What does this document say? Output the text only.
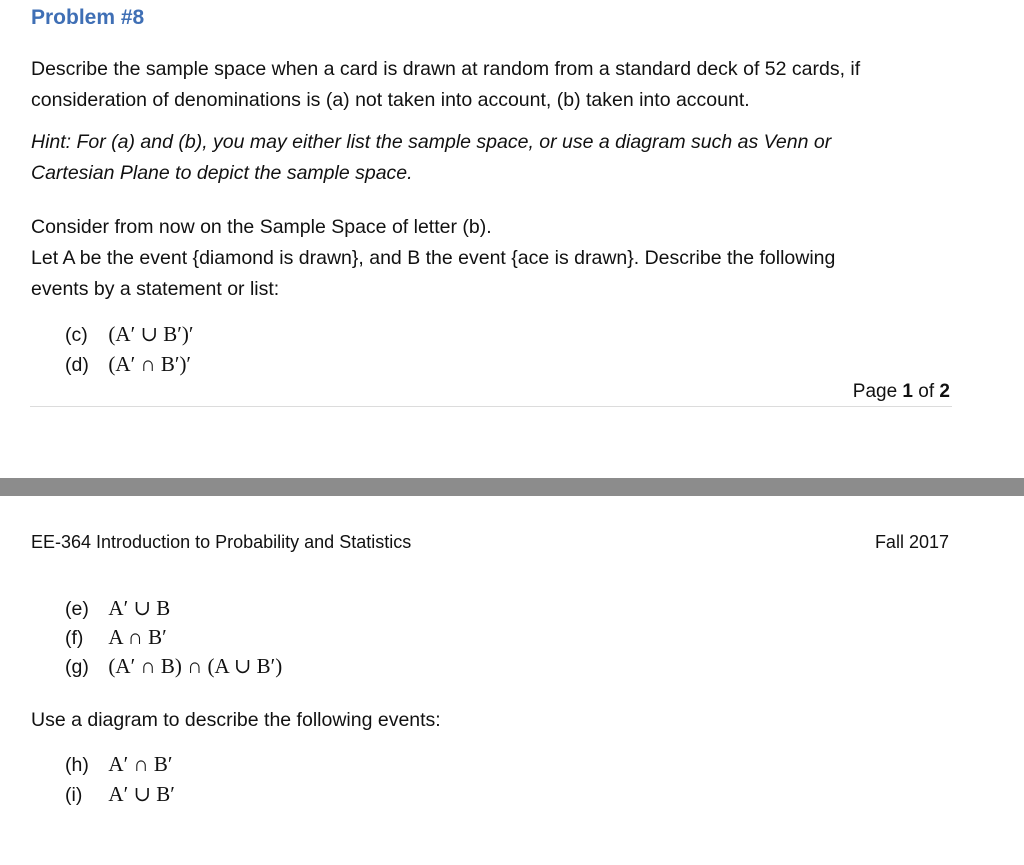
Problem #8

Describe the sample space when a card is drawn at random from a standard deck of 52 cards, if
consideration of denominations is (a) not taken into account, (b) taken into account.

Hint: For (a) and (b), you may either list the sample space, or use a diagram such as Venn or
Cartesian Plane to depict the sample space.

Consider from now on the Sample Space of letter (b).
Let A be the event {diamond is drawn}, and B the event {ace is drawn}. Describe the following
events by a statement or list:

(c) (A′ ∪ B′)′
(d) (A′ ∩ B′)′
Page 1 of 2
EE-364 Introduction to Probability and Statistics	Fall 2017
(e) A′ ∪ B
(f) A ∩ B′
(g) (A′ ∩ B) ∩ (A ∪ B′)

Use a diagram to describe the following events:

(h) A′ ∩ B′
(i) A′ ∪ B′
